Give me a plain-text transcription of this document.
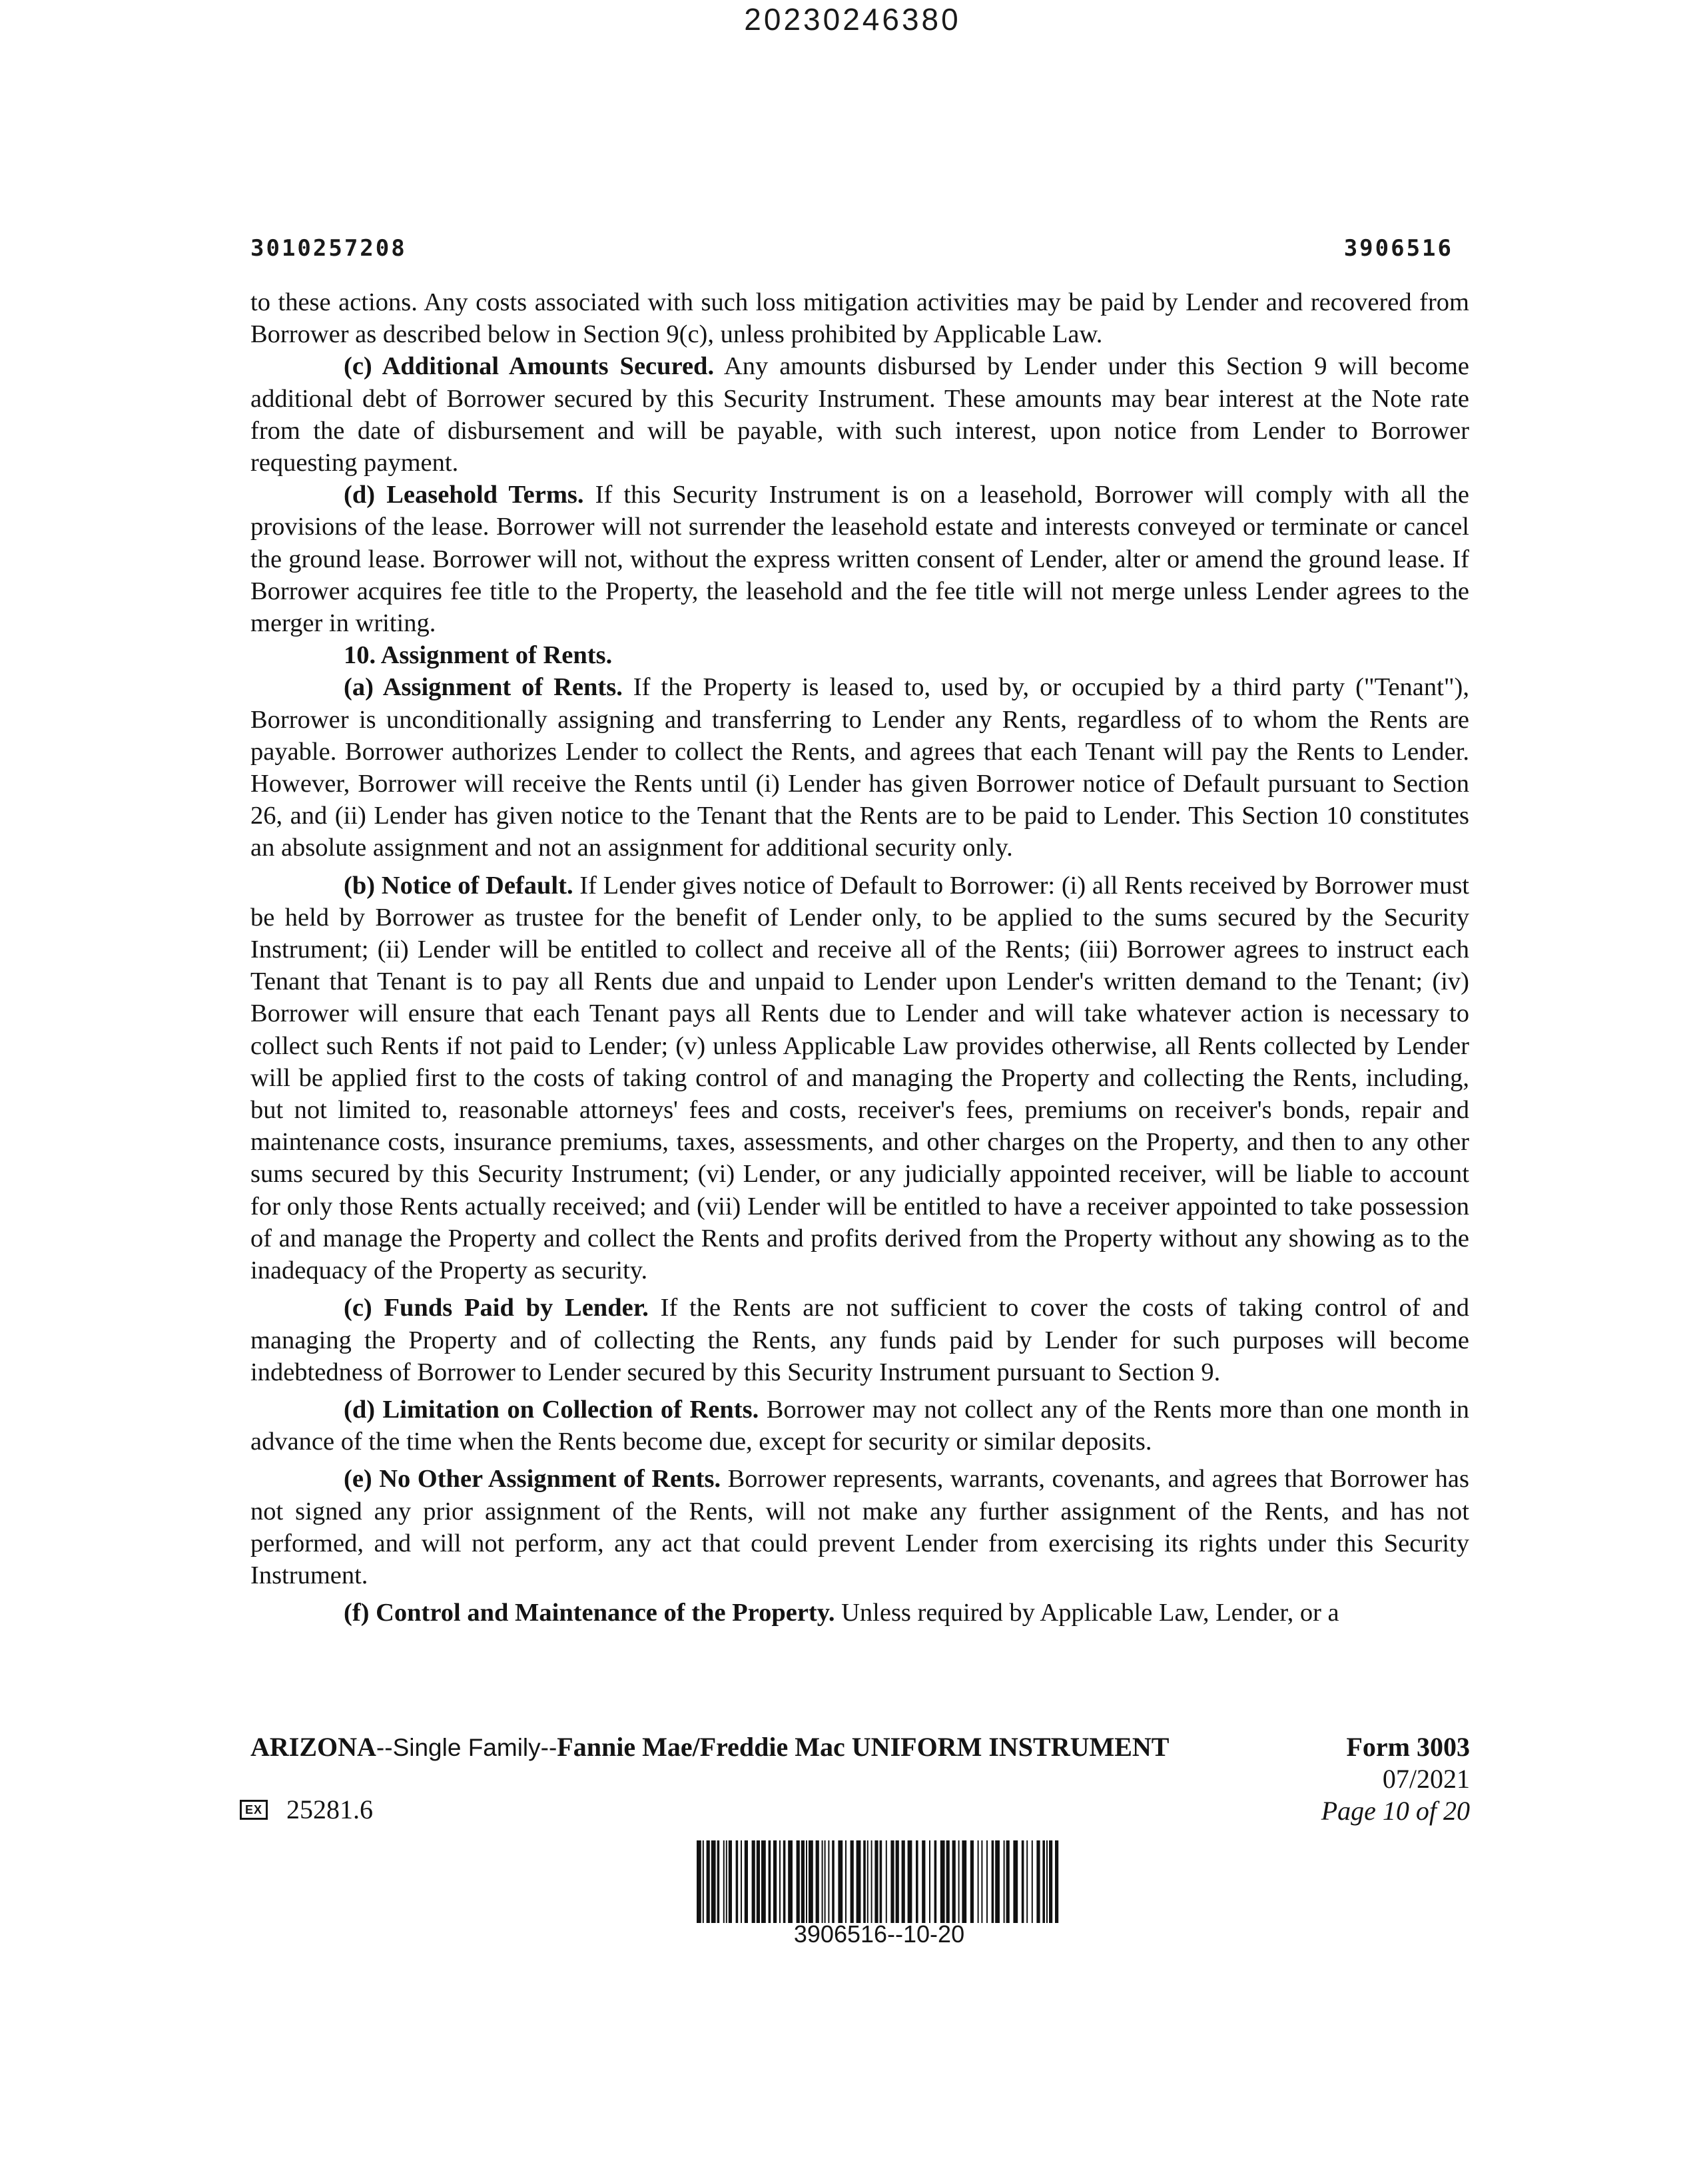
20230246380
3010257208	3906516

to these actions. Any costs associated with such loss mitigation activities may be paid by Lender and recovered from Borrower as described below in Section 9(c), unless prohibited by Applicable Law.

(c) Additional Amounts Secured. Any amounts disbursed by Lender under this Section 9 will become additional debt of Borrower secured by this Security Instrument. These amounts may bear interest at the Note rate from the date of disbursement and will be payable, with such interest, upon notice from Lender to Borrower requesting payment.

(d) Leasehold Terms. If this Security Instrument is on a leasehold, Borrower will comply with all the provisions of the lease. Borrower will not surrender the leasehold estate and interests conveyed or terminate or cancel the ground lease. Borrower will not, without the express written consent of Lender, alter or amend the ground lease. If Borrower acquires fee title to the Property, the leasehold and the fee title will not merge unless Lender agrees to the merger in writing.

10. Assignment of Rents.

(a) Assignment of Rents. If the Property is leased to, used by, or occupied by a third party ("Tenant"), Borrower is unconditionally assigning and transferring to Lender any Rents, regardless of to whom the Rents are payable. Borrower authorizes Lender to collect the Rents, and agrees that each Tenant will pay the Rents to Lender. However, Borrower will receive the Rents until (i) Lender has given Borrower notice of Default pursuant to Section 26, and (ii) Lender has given notice to the Tenant that the Rents are to be paid to Lender. This Section 10 constitutes an absolute assignment and not an assignment for additional security only.

(b) Notice of Default. If Lender gives notice of Default to Borrower: (i) all Rents received by Borrower must be held by Borrower as trustee for the benefit of Lender only, to be applied to the sums secured by the Security Instrument; (ii) Lender will be entitled to collect and receive all of the Rents; (iii) Borrower agrees to instruct each Tenant that Tenant is to pay all Rents due and unpaid to Lender upon Lender's written demand to the Tenant; (iv) Borrower will ensure that each Tenant pays all Rents due to Lender and will take whatever action is necessary to collect such Rents if not paid to Lender; (v) unless Applicable Law provides otherwise, all Rents collected by Lender will be applied first to the costs of taking control of and managing the Property and collecting the Rents, including, but not limited to, reasonable attorneys' fees and costs, receiver's fees, premiums on receiver's bonds, repair and maintenance costs, insurance premiums, taxes, assessments, and other charges on the Property, and then to any other sums secured by this Security Instrument; (vi) Lender, or any judicially appointed receiver, will be liable to account for only those Rents actually received; and (vii) Lender will be entitled to have a receiver appointed to take possession of and manage the Property and collect the Rents and profits derived from the Property without any showing as to the inadequacy of the Property as security.

(c) Funds Paid by Lender. If the Rents are not sufficient to cover the costs of taking control of and managing the Property and of collecting the Rents, any funds paid by Lender for such purposes will become indebtedness of Borrower to Lender secured by this Security Instrument pursuant to Section 9.

(d) Limitation on Collection of Rents. Borrower may not collect any of the Rents more than one month in advance of the time when the Rents become due, except for security or similar deposits.

(e) No Other Assignment of Rents. Borrower represents, warrants, covenants, and agrees that Borrower has not signed any prior assignment of the Rents, will not make any further assignment of the Rents, and has not performed, and will not perform, any act that could prevent Lender from exercising its rights under this Security Instrument.

(f) Control and Maintenance of the Property. Unless required by Applicable Law, Lender, or a

ARIZONA--Single Family--Fannie Mae/Freddie Mac UNIFORM INSTRUMENT	Form 3003
07/2021
Page 10 of 20
EX 25281.6
3906516--10-20
